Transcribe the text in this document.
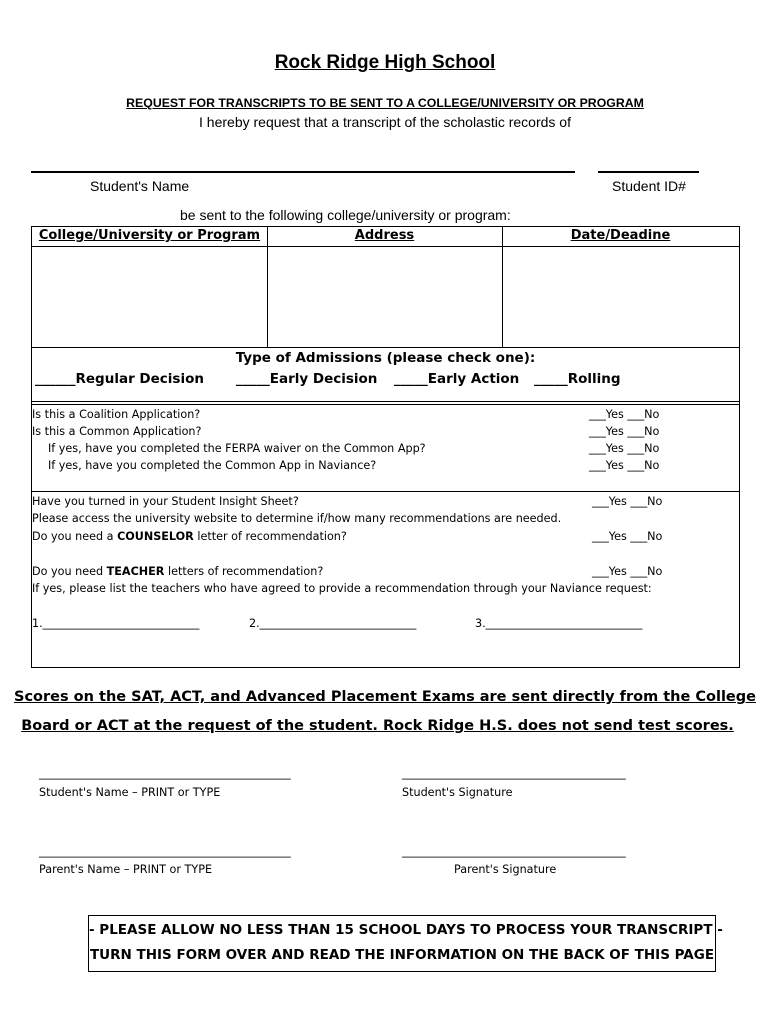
Rock Ridge High School
REQUEST FOR TRANSCRIPTS TO BE SENT TO A COLLEGE/UNIVERSITY OR PROGRAM
I hereby request that a transcript of the scholastic records of
Student's Name	Student ID#
be sent to the following college/university or program:
College/University or Program	Address	Date/Deadine
Type of Admissions (please check one):
______Regular Decision _____Early Decision _____Early Action _____Rolling
Is this a Coalition Application?	___Yes ___No
Is this a Common Application?	___Yes ___No
If yes, have you completed the FERPA waiver on the Common App?	___Yes ___No
If yes, have you completed the Common App in Naviance?	___Yes ___No
Have you turned in your Student Insight Sheet?	___Yes ___No
Please access the university website to determine if/how many recommendations are needed.
Do you need a COUNSELOR letter of recommendation?	___Yes ___No
Do you need TEACHER letters of recommendation?	___Yes ___No
If yes, please list the teachers who have agreed to provide a recommendation through your Naviance request:
1.____________________________	2.____________________________	3.____________________________
Scores on the SAT, ACT, and Advanced Placement Exams are sent directly from the College
Board or ACT at the request of the student. Rock Ridge H.S. does not send test scores.
_____________________________________________	________________________________________
Student's Name – PRINT or TYPE	Student's Signature
_____________________________________________	________________________________________
Parent's Name – PRINT or TYPE	Parent's Signature
- PLEASE ALLOW NO LESS THAN 15 SCHOOL DAYS TO PROCESS YOUR TRANSCRIPT -
TURN THIS FORM OVER AND READ THE INFORMATION ON THE BACK OF THIS PAGE
